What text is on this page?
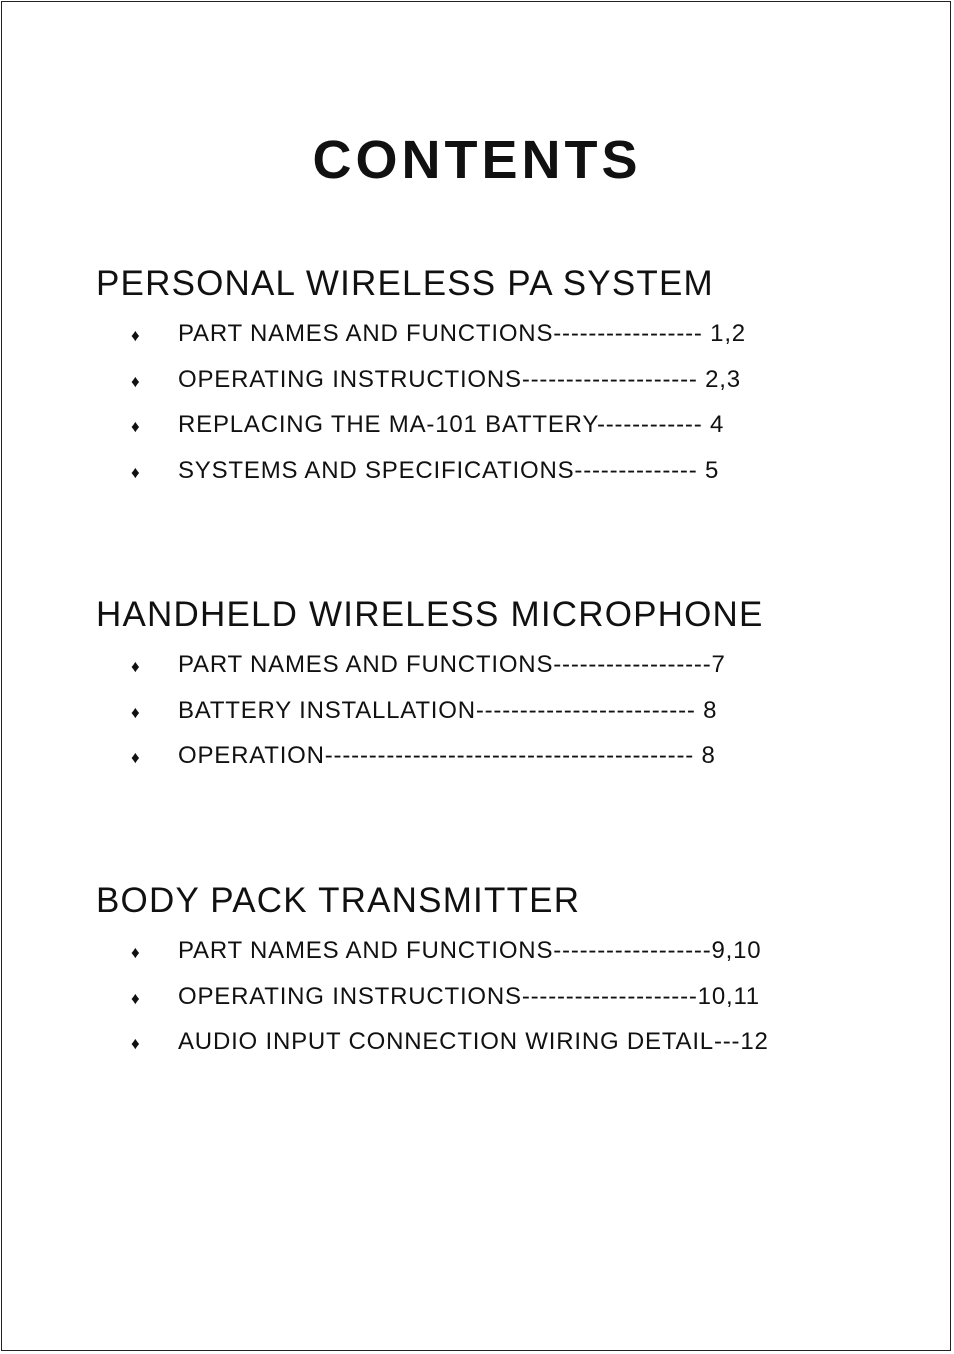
CONTENTS
PERSONAL WIRELESS PA SYSTEM
♦ PART NAMES AND FUNCTIONS----------------- 1,2
♦ OPERATING INSTRUCTIONS-------------------- 2,3
♦ REPLACING THE MA-101 BATTERY------------ 4
♦ SYSTEMS AND SPECIFICATIONS-------------- 5
HANDHELD WIRELESS MICROPHONE
♦ PART NAMES AND FUNCTIONS------------------7
♦ BATTERY INSTALLATION------------------------- 8
♦ OPERATION------------------------------------------ 8
BODY PACK TRANSMITTER
♦ PART NAMES AND FUNCTIONS------------------9,10
♦ OPERATING INSTRUCTIONS--------------------10,11
♦ AUDIO INPUT CONNECTION WIRING DETAIL---12
